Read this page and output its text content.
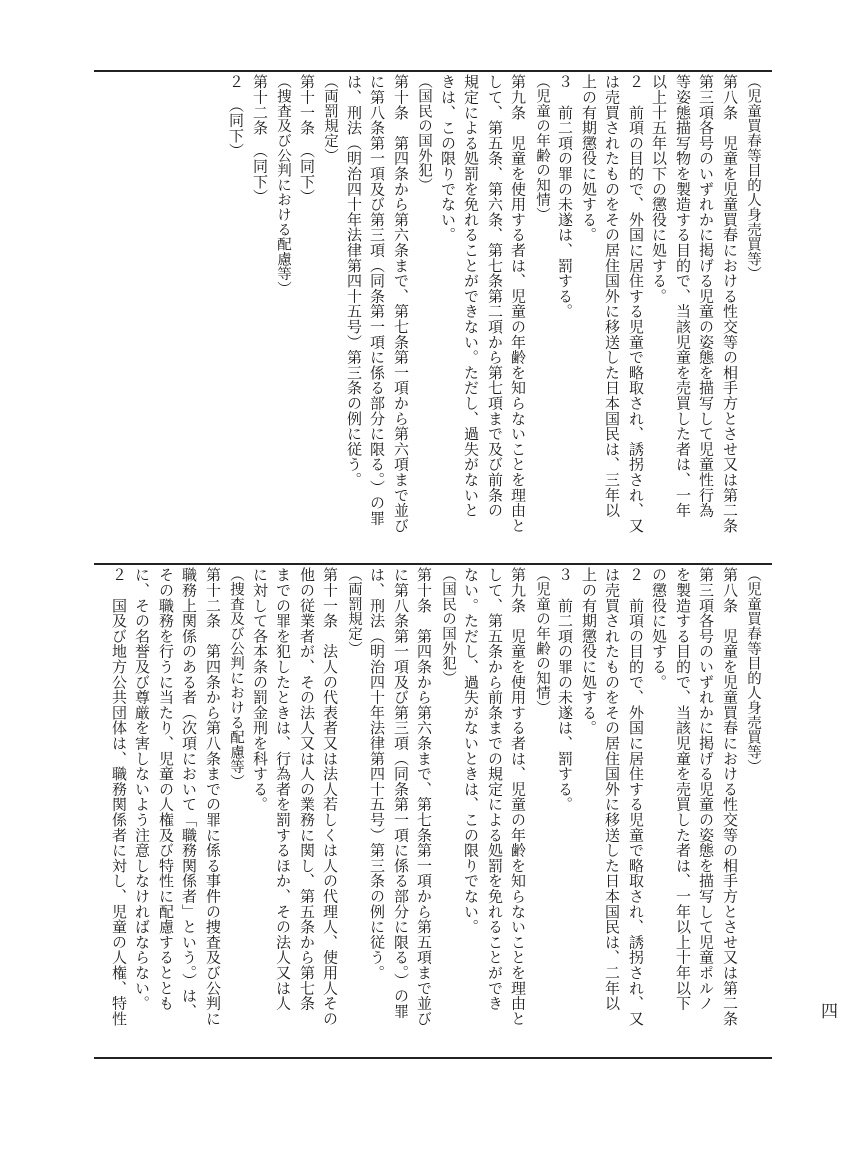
（児童買春等目的人身売買等）
第八条　児童を児童買春における性交等の相手方とさせ又は第二条
第三項各号のいずれかに掲げる児童の姿態を描写して児童性行為
等姿態描写物を製造する目的で、当該児童を売買した者は、一年
以上十五年以下の懲役に処する。
２　前項の目的で、外国に居住する児童で略取され、誘拐され、又
は売買されたものをその居住国外に移送した日本国民は、三年以
上の有期懲役に処する。
３　前二項の罪の未遂は、罰する。
（児童の年齢の知情）
第九条　児童を使用する者は、児童の年齢を知らないことを理由と
して、第五条、第六条、第七条第二項から第七項まで及び前条の
規定による処罰を免れることができない。ただし、過失がないと
きは、この限りでない。
（国民の国外犯）
第十条　第四条から第六条まで、第七条第一項から第六項まで並び
に第八条第一項及び第三項（同条第一項に係る部分に限る。）の罪
は、刑法（明治四十年法律第四十五号）第三条の例に従う。
（両罰規定）
第十一条　（同下）
（捜査及び公判における配慮等）
第十二条　（同下）
２　（同下）
（児童買春等目的人身売買等）
第八条　児童を児童買春における性交等の相手方とさせ又は第二条
第三項各号のいずれかに掲げる児童の姿態を描写して児童ポルノ
を製造する目的で、当該児童を売買した者は、一年以上十年以下
の懲役に処する。
２　前項の目的で、外国に居住する児童で略取され、誘拐され、又
は売買されたものをその居住国外に移送した日本国民は、二年以
上の有期懲役に処する。
３　前二項の罪の未遂は、罰する。
（児童の年齢の知情）
第九条　児童を使用する者は、児童の年齢を知らないことを理由と
して、第五条から前条までの規定による処罰を免れることができ
ない。ただし、過失がないときは、この限りでない。
（国民の国外犯）
第十条　第四条から第六条まで、第七条第一項から第五項まで並び
に第八条第一項及び第三項（同条第一項に係る部分に限る。）の罪
は、刑法（明治四十年法律第四十五号）第三条の例に従う。
（両罰規定）
第十一条　法人の代表者又は法人若しくは人の代理人、使用人その
他の従業者が、その法人又は人の業務に関し、第五条から第七条
までの罪を犯したときは、行為者を罰するほか、その法人又は人
に対して各本条の罰金刑を科する。
（捜査及び公判における配慮等）
第十二条　第四条から第八条までの罪に係る事件の捜査及び公判に
職務上関係のある者（次項において「職務関係者」という。）は、
その職務を行うに当たり、児童の人権及び特性に配慮するととも
に、その名誉及び尊厳を害しないよう注意しなければならない。
２　国及び地方公共団体は、職務関係者に対し、児童の人権、特性	四
